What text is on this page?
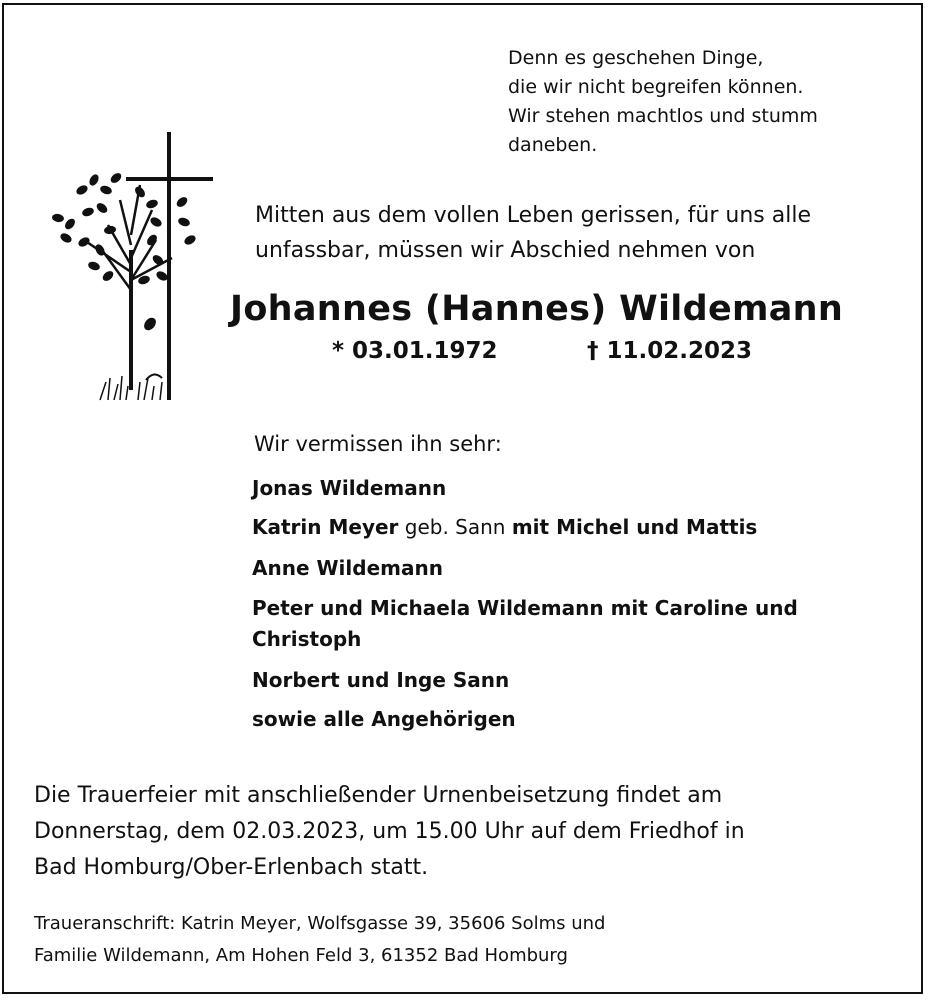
Denn es geschehen Dinge,
die wir nicht begreifen können.
Wir stehen machtlos und stumm
daneben.
Mitten aus dem vollen Leben gerissen, für uns alle
unfassbar, müssen wir Abschied nehmen von
Johannes (Hannes) Wildemann
* 03.01.1972	† 11.02.2023
Wir vermissen ihn sehr:
Jonas Wildemann
Katrin Meyer geb. Sann mit Michel und Mattis
Anne Wildemann
Peter und Michaela Wildemann mit Caroline und
Christoph
Norbert und Inge Sann
sowie alle Angehörigen
Die Trauerfeier mit anschließender Urnenbeisetzung findet am
Donnerstag, dem 02.03.2023, um 15.00 Uhr auf dem Friedhof in
Bad Homburg/Ober-Erlenbach statt.
Traueranschrift: Katrin Meyer, Wolfsgasse 39, 35606 Solms und
Familie Wildemann, Am Hohen Feld 3, 61352 Bad Homburg
